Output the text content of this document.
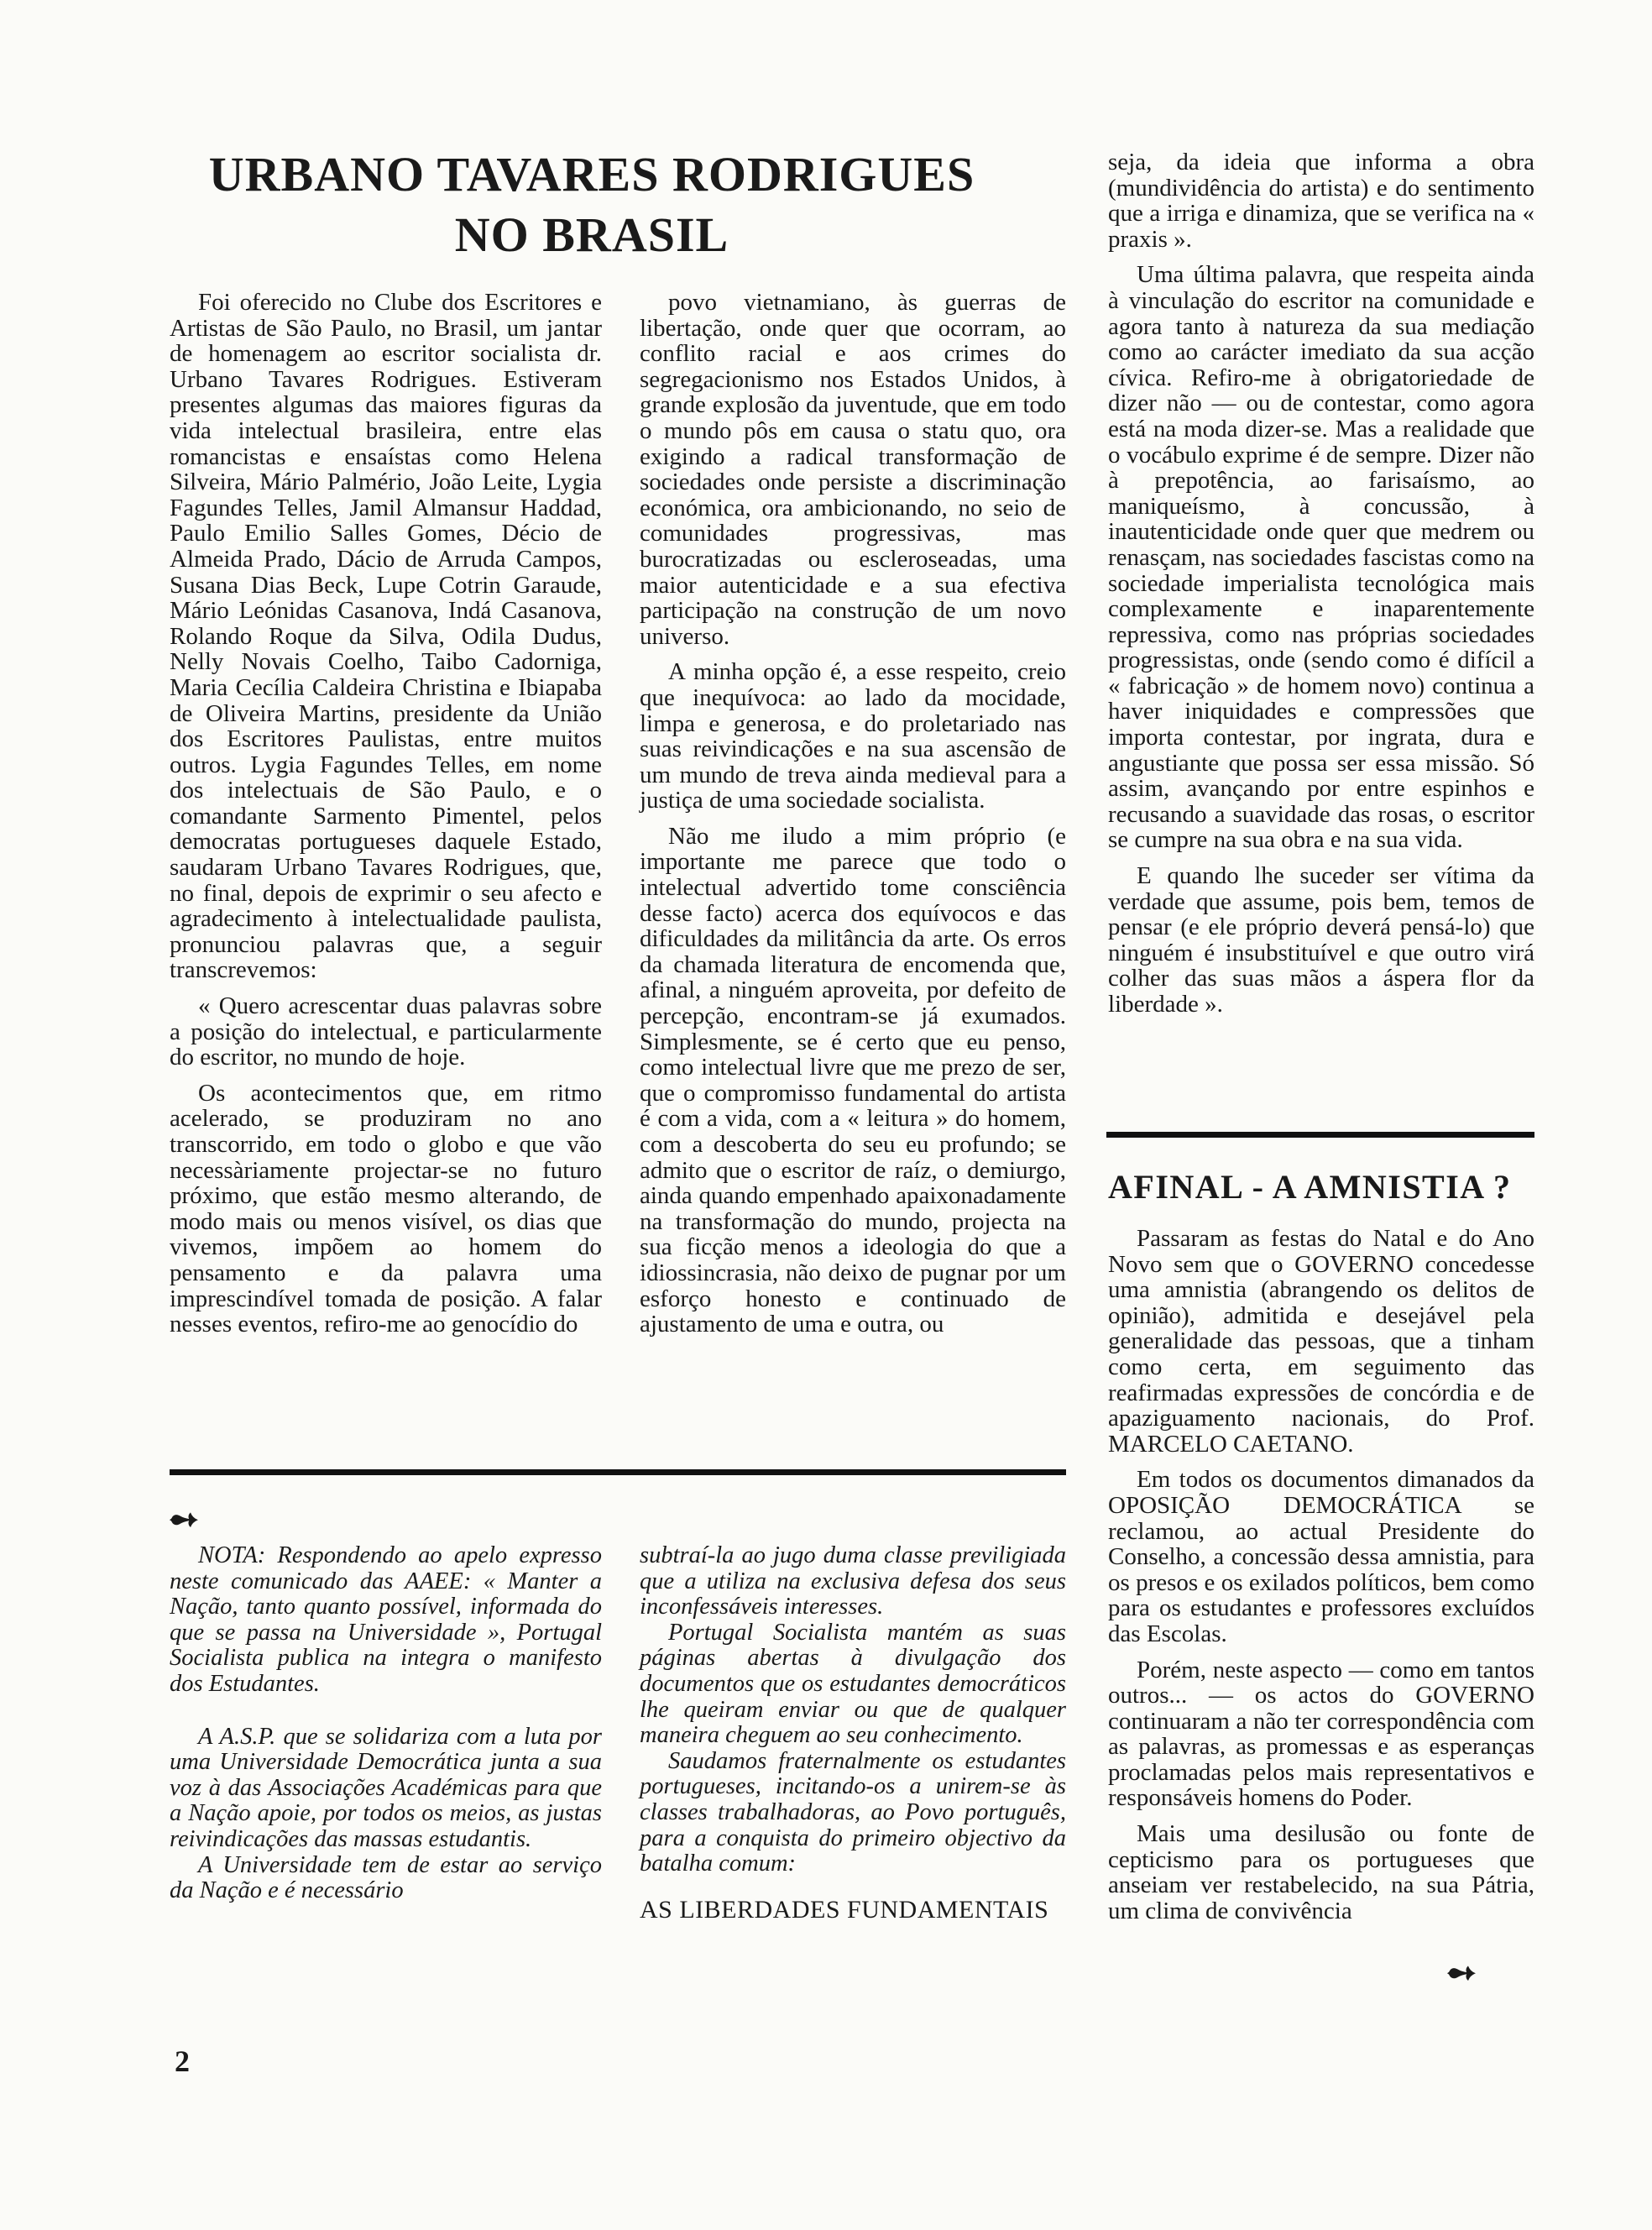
URBANO TAVARES RODRIGUES
NO BRASIL

Foi oferecido no Clube dos Escritores e Artistas de São Paulo, no Brasil, um jantar de homenagem ao escritor socialista dr. Urbano Tavares Rodrigues. Estiveram presentes algumas das maiores figuras da vida intelectual brasileira, entre elas romancistas e ensaístas como Helena Silveira, Mário Palmério, João Leite, Lygia Fagundes Telles, Jamil Almansur Haddad, Paulo Emilio Salles Gomes, Décio de Almeida Prado, Dácio de Arruda Campos, Susana Dias Beck, Lupe Cotrin Garaude, Mário Leónidas Casanova, Indá Casanova, Rolando Roque da Silva, Odila Dudus, Nelly Novais Coelho, Taibo Cadorniga, Maria Cecília Caldeira Christina e Ibiapaba de Oliveira Martins, presidente da União dos Escritores Paulistas, entre muitos outros. Lygia Fagundes Telles, em nome dos intelectuais de São Paulo, e o comandante Sarmento Pimentel, pelos democratas portugueses daquele Estado, saudaram Urbano Tavares Rodrigues, que, no final, depois de exprimir o seu afecto e agradecimento à intelectualidade paulista, pronunciou palavras que, a seguir transcrevemos:

« Quero acrescentar duas palavras sobre a posição do intelectual, e particularmente do escritor, no mundo de hoje.

Os acontecimentos que, em ritmo acelerado, se produziram no ano transcorrido, em todo o globo e que vão necessàriamente projectar-se no futuro próximo, que estão mesmo alterando, de modo mais ou menos visível, os dias que vivemos, impõem ao homem do pensamento e da palavra uma imprescindível tomada de posição. A falar nesses eventos, refiro-me ao genocídio do

povo vietnamiano, às guerras de libertação, onde quer que ocorram, ao conflito racial e aos crimes do segregacionismo nos Estados Unidos, à grande explosão da juventude, que em todo o mundo pôs em causa o statu quo, ora exigindo a radical transformação de sociedades onde persiste a discriminação económica, ora ambicionando, no seio de comunidades progressivas, mas burocratizadas ou escleroseadas, uma maior autenticidade e a sua efectiva participação na construção de um novo universo.

A minha opção é, a esse respeito, creio que inequívoca: ao lado da mocidade, limpa e generosa, e do proletariado nas suas reivindicações e na sua ascensão de um mundo de treva ainda medieval para a justiça de uma sociedade socialista.

Não me iludo a mim próprio (e importante me parece que todo o intelectual advertido tome consciência desse facto) acerca dos equívocos e das dificuldades da militância da arte. Os erros da chamada literatura de encomenda que, afinal, a ninguém aproveita, por defeito de percepção, encontram-se já exumados. Simplesmente, se é certo que eu penso, como intelectual livre que me prezo de ser, que o compromisso fundamental do artista é com a vida, com a « leitura » do homem, com a descoberta do seu eu profundo; se admito que o escritor de raíz, o demiurgo, ainda quando empenhado apaixonadamente na transformação do mundo, projecta na sua ficção menos a ideologia do que a idiossincrasia, não deixo de pugnar por um esforço honesto e continuado de ajustamento de uma e outra, ou

seja, da ideia que informa a obra (mundividência do artista) e do sentimento que a irriga e dinamiza, que se verifica na « praxis ».

Uma última palavra, que respeita ainda à vinculação do escritor na comunidade e agora tanto à natureza da sua mediação como ao carácter imediato da sua acção cívica. Refiro-me à obrigatoriedade de dizer não — ou de contestar, como agora está na moda dizer-se. Mas a realidade que o vocábulo exprime é de sempre. Dizer não à prepotência, ao farisaísmo, ao maniqueísmo, à concussão, à inautenticidade onde quer que medrem ou renasçam, nas sociedades fascistas como na sociedade imperialista tecnológica mais complexamente e inaparentemente repressiva, como nas próprias sociedades progressistas, onde (sendo como é difícil a « fabricação » de homem novo) continua a haver iniquidades e compressões que importa contestar, por ingrata, dura e angustiante que possa ser essa missão. Só assim, avançando por entre espinhos e recusando a suavidade das rosas, o escritor se cumpre na sua obra e na sua vida.

E quando lhe suceder ser vítima da verdade que assume, pois bem, temos de pensar (e ele próprio deverá pensá-lo) que ninguém é insubstituível e que outro virá colher das suas mãos a áspera flor da liberdade ».

AFINAL - A AMNISTIA ?

Passaram as festas do Natal e do Ano Novo sem que o GOVERNO concedesse uma amnistia (abrangendo os delitos de opinião), admitida e desejável pela generalidade das pessoas, que a tinham como certa, em seguimento das reafirmadas expressões de concórdia e de apaziguamento nacionais, do Prof. MARCELO CAETANO.

Em todos os documentos dimanados da OPOSIÇÃO DEMOCRÁTICA se reclamou, ao actual Presidente do Conselho, a concessão dessa amnistia, para os presos e os exilados políticos, bem como para os estudantes e professores excluídos das Escolas.

Porém, neste aspecto — como em tantos outros... — os actos do GOVERNO continuaram a não ter correspondência com as palavras, as promessas e as esperanças proclamadas pelos mais representativos e responsáveis homens do Poder.

Mais uma desilusão ou fonte de cepticismo para os portugueses que anseiam ver restabelecido, na sua Pátria, um clima de convivência

➻
➻

NOTA: Respondendo ao apelo expresso neste comunicado das AAEE: « Manter a Nação, tanto quanto possível, informada do que se passa na Universidade », Portugal Socialista publica na integra o manifesto dos Estudantes.

A A.S.P. que se solidariza com a luta por uma Universidade Democrática junta a sua voz à das Associações Académicas para que a Nação apoie, por todos os meios, as justas reivindicações das massas estudantis.

A Universidade tem de estar ao serviço da Nação e é necessário

subtraí-la ao jugo duma classe previligiada que a utiliza na exclusiva defesa dos seus inconfessáveis interesses.

Portugal Socialista mantém as suas páginas abertas à divulgação dos documentos que os estudantes democráticos lhe queiram enviar ou que de qualquer maneira cheguem ao seu conhecimento.

Saudamos fraternalmente os estudantes portugueses, incitando-os a unirem-se às classes trabalhadoras, ao Povo português, para a conquista do primeiro objectivo da batalha comum:

AS LIBERDADES FUNDAMENTAIS

2
